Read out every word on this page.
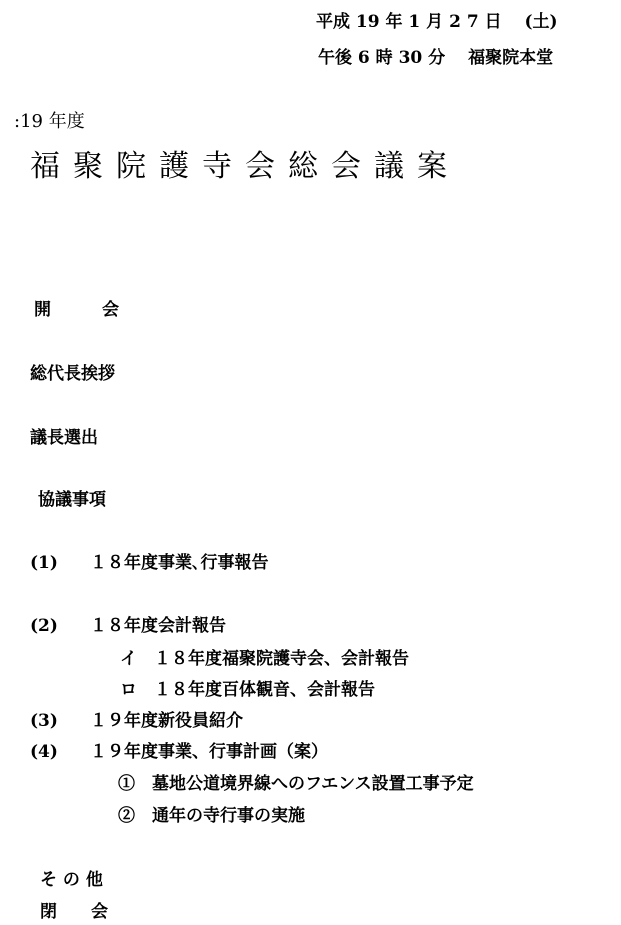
平成 19 年 1 月 2 7 日　 (土)
午後 6 時 30 分　 福聚院本堂
:19 年度
福聚院護寺会総会議案
開　　　会
総代長挨拶
議長選出
協議事項
(1) １８年度事業､行事報告
(2) １８年度会計報告
イ　１８年度福聚院護寺会、会計報告
ロ　１８年度百体観音、会計報告
(3) １９年度新役員紹介
(4) １９年度事業、行事計画（案）
①　墓地公道境界線へのフエンス設置工事予定
②　通年の寺行事の実施
そ の 他
閉　　会
